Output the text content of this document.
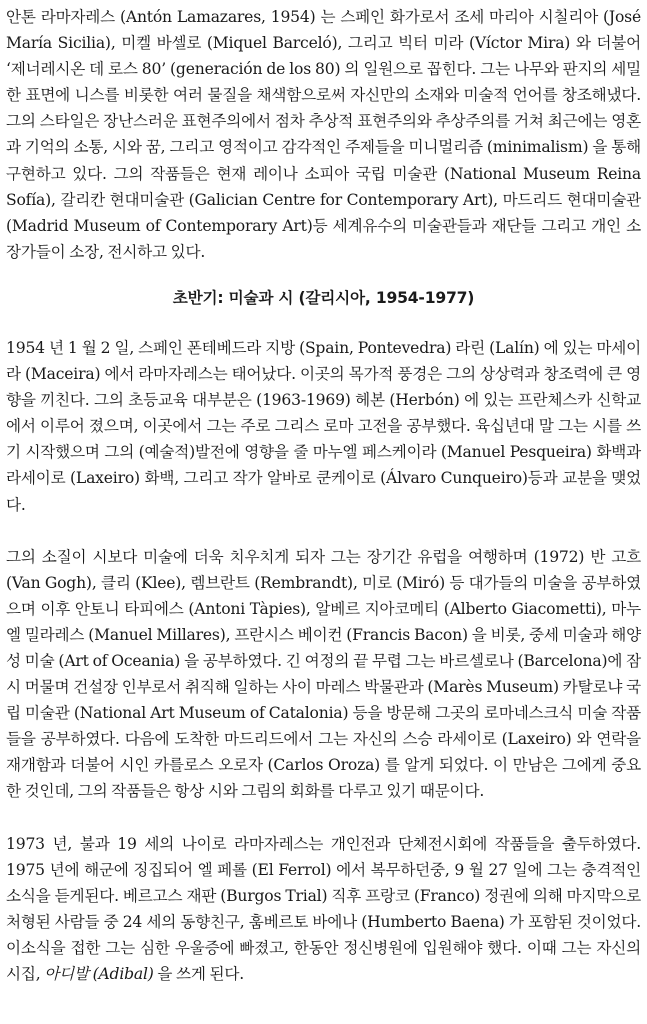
안톤 라마자레스 (Antón Lamazares, 1954) 는 스페인 화가로서 조세 마리아 시칠리아 (José María Sicilia), 미켈 바셀로 (Miquel Barceló), 그리고 빅터 미라 (Víctor Mira) 와 더불어 ‘제너레시온 데 로스 80’ (generación de los 80) 의 일원으로 꼽힌다. 그는 나무와 판지의 세밀한 표면에 니스를 비롯한 여러 물질을 채색함으로써 자신만의 소재와 미술적 언어를 창조해냈다. 그의 스타일은 장난스러운 표현주의에서 점차 추상적 표현주의와 추상주의를 거쳐 최근에는 영혼과 기억의 소통, 시와 꿈, 그리고 영적이고 감각적인 주제들을 미니멀리즘 (minimalism) 을 통해 구현하고 있다. 그의 작품들은 현재 레이나 소피아 국립 미술관 (National Museum Reina Sofía), 갈리칸 현대미술관 (Galician Centre for Contemporary Art), 마드리드 현대미술관 (Madrid Museum of Contemporary Art)등 세계유수의 미술관들과 재단들 그리고 개인 소장가들이 소장, 전시하고 있다.

초반기: 미술과 시 (갈리시아, 1954-1977)

1954 년 1 월 2 일, 스페인 폰테베드라 지방 (Spain, Pontevedra) 라린 (Lalín) 에 있는 마세이라 (Maceira) 에서 라마자레스는 태어났다. 이곳의 목가적 풍경은 그의 상상력과 창조력에 큰 영향을 끼친다. 그의 초등교육 대부분은 (1963-1969) 헤본 (Herbón) 에 있는 프란체스카 신학교에서 이루어 졌으며, 이곳에서 그는 주로 그리스 로마 고전을 공부했다. 육십년대 말 그는 시를 쓰기 시작했으며 그의 (예술적)발전에 영향을 줄 마누엘 페스케이라 (Manuel Pesqueira) 화백과 라세이로 (Laxeiro) 화백, 그리고 작가 알바로 쿤케이로 (Álvaro Cunqueiro)등과 교분을 맺었다.

그의 소질이 시보다 미술에 더욱 치우치게 되자 그는 장기간 유럽을 여행하며 (1972) 반 고흐 (Van Gogh), 클리 (Klee), 렘브란트 (Rembrandt), 미로 (Miró) 등 대가들의 미술을 공부하였으며 이후 안토니 타피에스 (Antoni Tàpies), 알베르 지아코메티 (Alberto Giacometti), 마누엘 밀라레스 (Manuel Millares), 프란시스 베이컨 (Francis Bacon) 을 비롯, 중세 미술과 해양성 미술 (Art of Oceania) 을 공부하였다. 긴 여정의 끝 무렵 그는 바르셀로나 (Barcelona)에 잠시 머물며 건설장 인부로서 취직해 일하는 사이 마레스 박물관과 (Marès Museum) 카탈로냐 국립 미술관 (National Art Museum of Catalonia) 등을 방문해 그곳의 로마네스크식 미술 작품들을 공부하였다. 다음에 도착한 마드리드에서 그는 자신의 스승 라세이로 (Laxeiro) 와 연락을 재개함과 더불어 시인 카를로스 오로자 (Carlos Oroza) 를 알게 되었다. 이 만남은 그에게 중요한 것인데, 그의 작품들은 항상 시와 그림의 회화를 다루고 있기 때문이다.

1973 년, 불과 19 세의 나이로 라마자레스는 개인전과 단체전시회에 작품들을 출두하였다. 1975 년에 해군에 징집되어 엘 페롤 (El Ferrol) 에서 복무하던중, 9 월 27 일에 그는 충격적인 소식을 듣게된다. 베르고스 재판 (Burgos Trial) 직후 프랑코 (Franco) 정권에 의해 마지막으로 처형된 사람들 중 24 세의 동향친구, 훔베르토 바에나 (Humberto Baena) 가 포함된 것이었다. 이소식을 접한 그는 심한 우울증에 빠졌고, 한동안 정신병원에 입원해야 했다. 이때 그는 자신의 시집, 아디발 (Adibal) 을 쓰게 된다.
